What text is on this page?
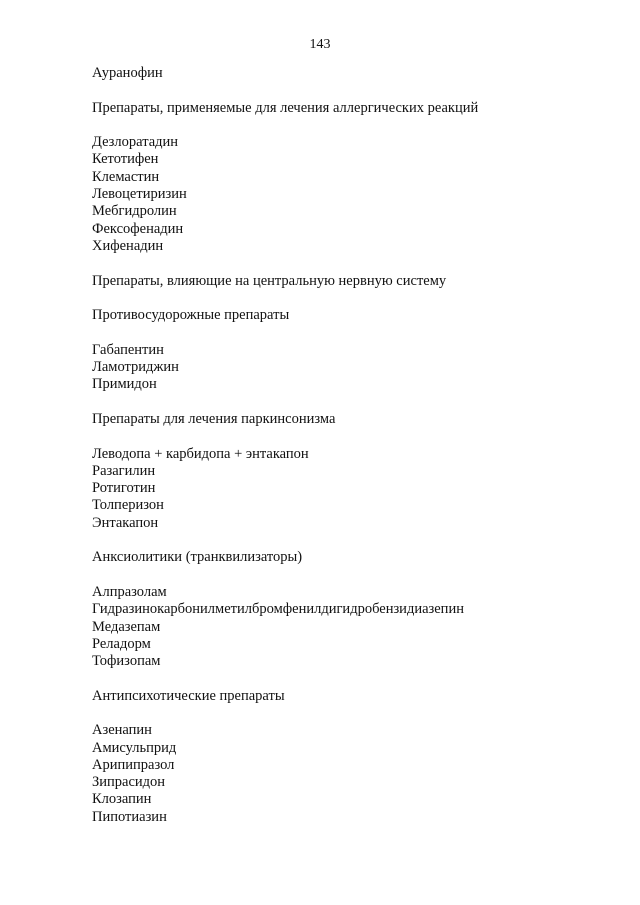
143
Ауранофин
Препараты, применяемые для лечения аллергических реакций
Дезлоратадин
Кетотифен
Клемастин
Левоцетиризин
Мебгидролин
Фексофенадин
Хифенадин
Препараты, влияющие на центральную нервную систему
Противосудорожные препараты
Габапентин
Ламотриджин
Примидон
Препараты для лечения паркинсонизма
Леводопа + карбидопа + энтакапон
Разагилин
Ротиготин
Толперизон
Энтакапон
Анксиолитики (транквилизаторы)
Алпразолам
Гидразинокарбонилметилбромфенилдигидробензидиазепин
Медазепам
Реладорм
Тофизопам
Антипсихотические препараты
Азенапин
Амисульприд
Арипипразол
Зипрасидон
Клозапин
Пипотиазин
